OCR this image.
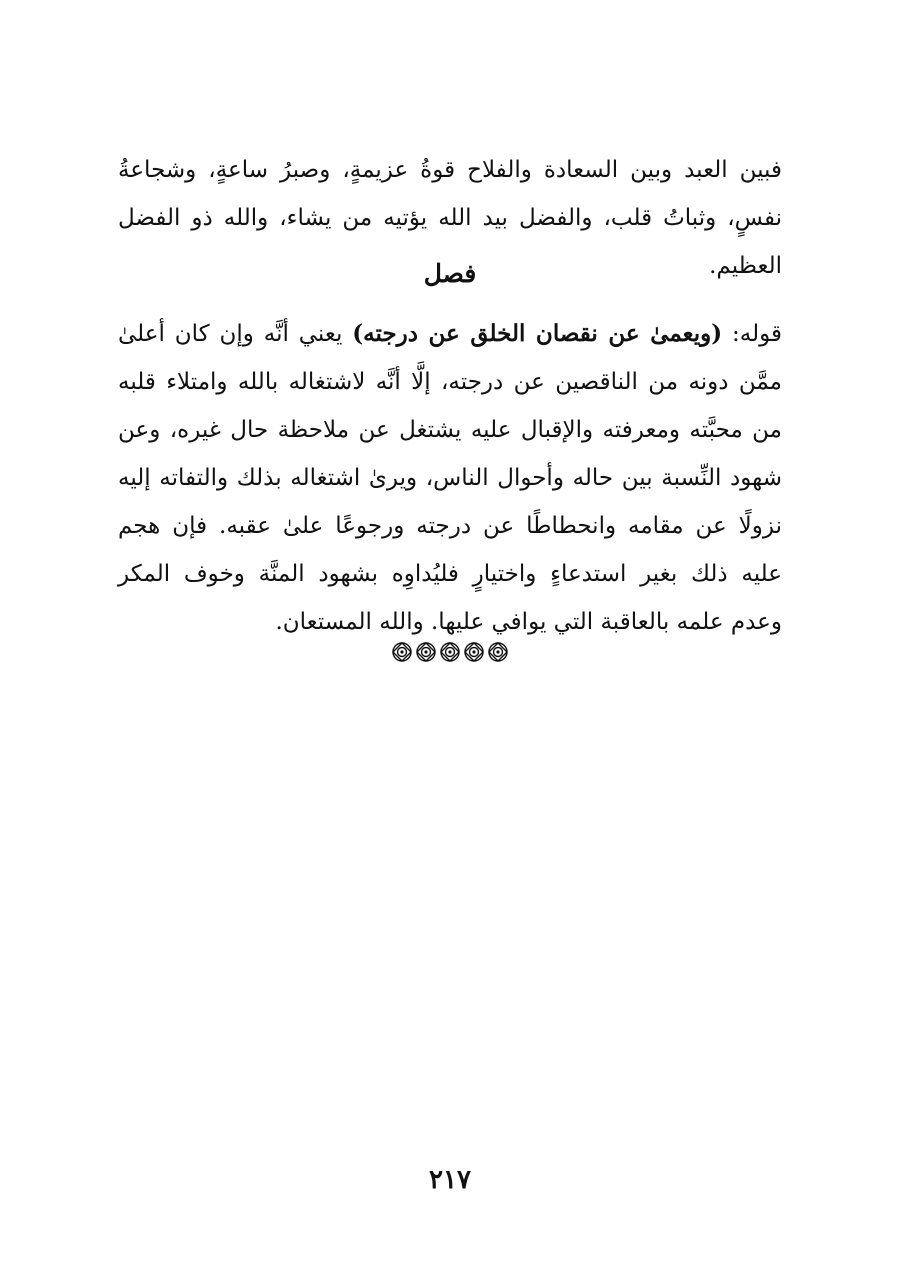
فبين العبد وبين السعادة والفلاح قوةُ عزيمةٍ، وصبرُ ساعةٍ، وشجاعةُ نفسٍ، وثباتُ قلب، والفضل بيد الله يؤتيه من يشاء، والله ذو الفضل العظيم.
فصل
قوله: (ويعمىٰ عن نقصان الخلق عن درجته) يعني أنَّه وإن كان أعلىٰ ممَّن دونه من الناقصين عن درجته، إلَّا أنَّه لاشتغاله بالله وامتلاء قلبه من محبَّته ومعرفته والإقبال عليه يشتغل عن ملاحظة حال غيره، وعن شهود النِّسبة بين حاله وأحوال الناس، ويرىٰ اشتغاله بذلك والتفاته إليه نزولًا عن مقامه وانحطاطًا عن درجته ورجوعًا علىٰ عقبه. فإن هجم عليه ذلك بغير استدعاءٍ واختيارٍ فليُداوِه بشهود المنَّة وخوف المكر وعدم علمه بالعاقبة التي يوافي عليها. والله المستعان.
٢١٧
